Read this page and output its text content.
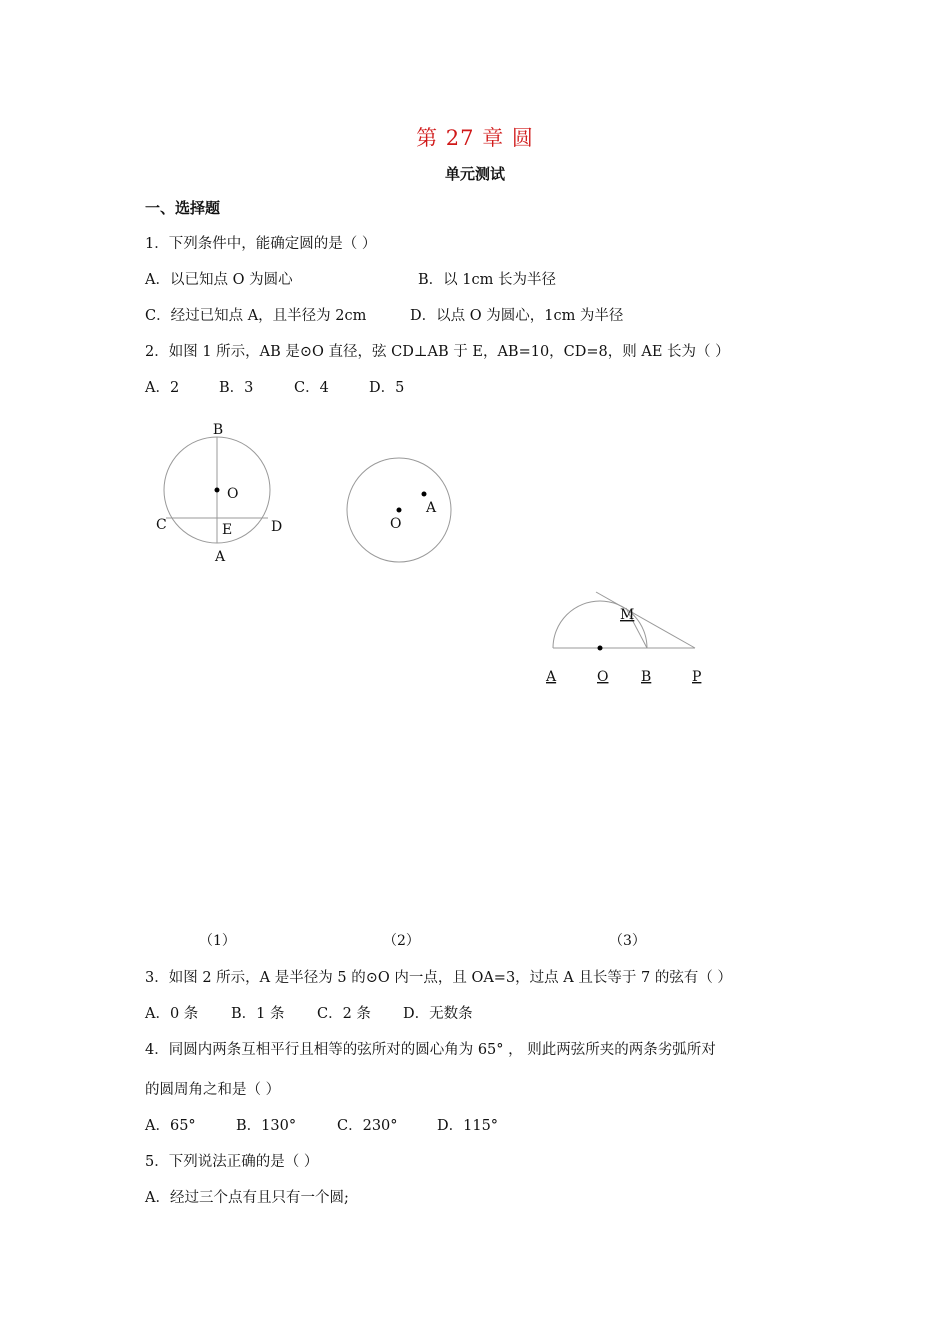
第 27 章 圆
单元测试
一、选择题
1．下列条件中，能确定圆的是（ ）
A．以已知点 O 为圆心	B．以 1cm 长为半径
C．经过已知点 A，且半径为 2cm	D．以点 O 为圆心，1cm 为半径
2．如图 1 所示，AB 是⊙O 直径，弦 CD⊥AB 于 E，AB=10，CD=8，则 AE 长为（ ）
A．2	B．3	C．4	D．5
B
O
C	E	D
A
O
A
M
A	O B	P
（1）	（2）	（3）
3．如图 2 所示，A 是半径为 5 的⊙O 内一点，且 OA=3，过点 A 且长等于 7 的弦有（ ）
A．0 条 B．1 条 C．2 条 D．无数条
4．同圆内两条互相平行且相等的弦所对的圆心角为 65° ， 则此两弦所夹的两条劣弧所对
的圆周角之和是（ ）
A．65°	B．130°	C．230°	D．115°
5．下列说法正确的是（ ）
A．经过三个点有且只有一个圆;
